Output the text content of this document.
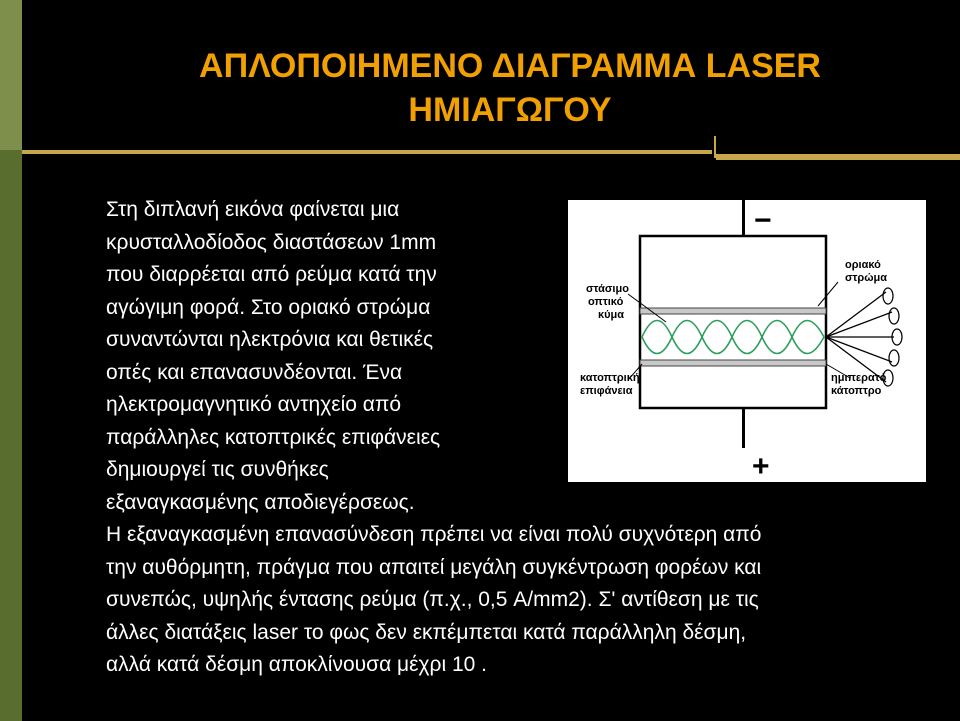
ΑΠΛΟΠΟΙΗΜΕΝΟ ΔΙΑΓΡΑΜΜΑ LASER
ΗΜΙΑΓΩΓΟΥ
Στη διπλανή εικόνα φαίνεται μια
κρυσταλλοδίοδος διαστάσεων 1mm
που διαρρέεται από ρεύμα κατά την
αγώγιμη φορά. Στο οριακό στρώμα
συναντώνται ηλεκτρόνια και θετικές
οπές και επανασυνδέονται. Ένα
ηλεκτρομαγνητικό αντηχείο από
παράλληλες κατοπτρικές επιφάνειες
δημιουργεί τις συνθήκες
εξαναγκασμένης αποδιεγέρσεως.
Η εξαναγκασμένη επανασύνδεση πρέπει να είναι πολύ συχνότερη από
την αυθόρμητη, πράγμα που απαιτεί μεγάλη συγκέντρωση φορέων και
συνεπώς, υψηλής έντασης ρεύμα (π.χ., 0,5 A/mm2). Σ' αντίθεση με τις
άλλες διατάξεις laser το φως δεν εκπέμπεται κατά παράλληλη δέσμη,
αλλά κατά δέσμη αποκλίνουσα μέχρι 10 .
−
+
στάσιμο
οπτικό
κύμα
κατοπτρική
επιφάνεια
οριακό
στρώμα
ημιπερατό
κάτοπτρο
